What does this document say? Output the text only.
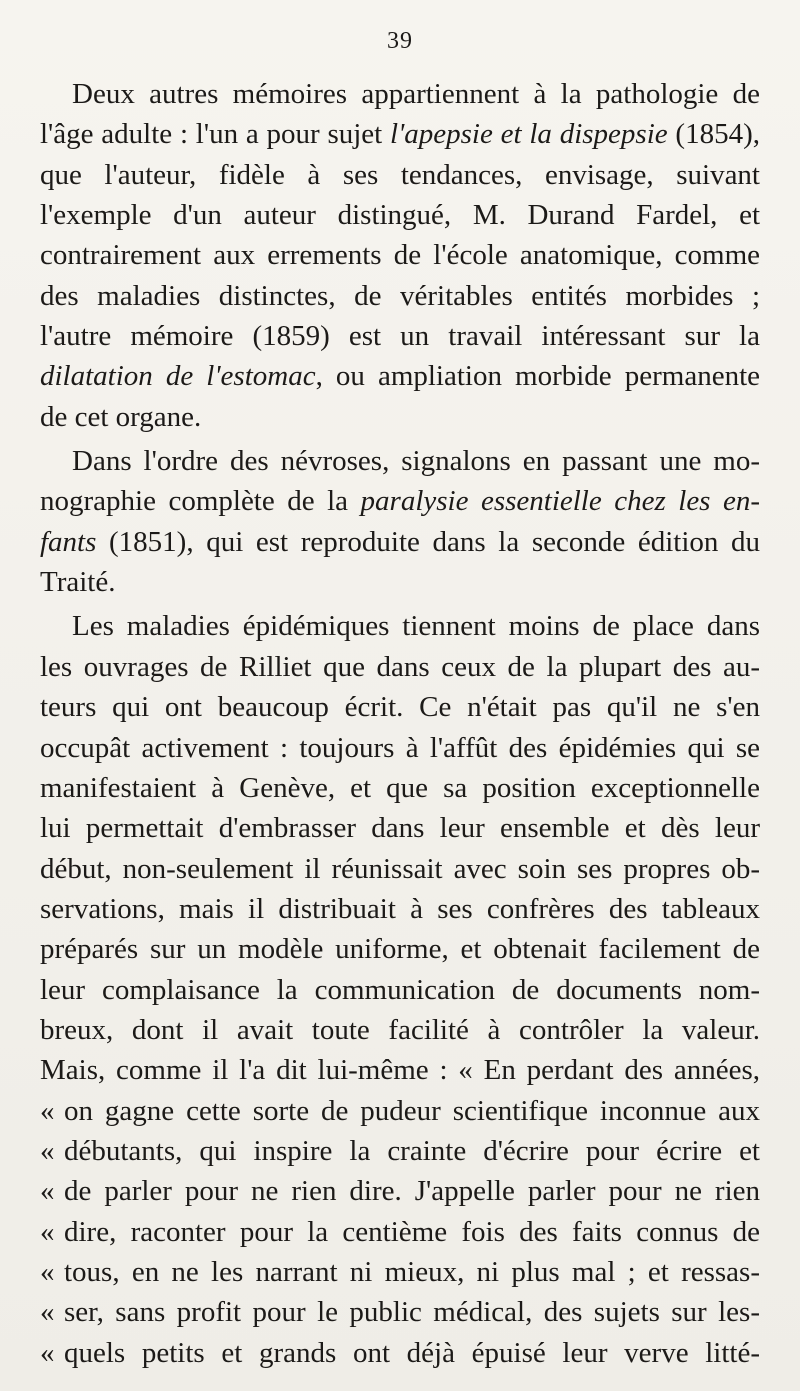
39
Deux autres mémoires appartiennent à la pathologie de
l'âge adulte : l'un a pour sujet l'apepsie et la dispepsie (1854),
que l'auteur, fidèle à ses tendances, envisage, suivant
l'exemple d'un auteur distingué, M. Durand Fardel, et
contrairement aux errements de l'école anatomique, comme
des maladies distinctes, de véritables entités morbides ;
l'autre mémoire (1859) est un travail intéressant sur la
dilatation de l'estomac, ou ampliation morbide permanente
de cet organe.
Dans l'ordre des névroses, signalons en passant une mo-
nographie complète de la paralysie essentielle chez les en-
fants (1851), qui est reproduite dans la seconde édition du
Traité.
Les maladies épidémiques tiennent moins de place dans
les ouvrages de Rilliet que dans ceux de la plupart des au-
teurs qui ont beaucoup écrit. Ce n'était pas qu'il ne s'en
occupât activement : toujours à l'affût des épidémies qui se
manifestaient à Genève, et que sa position exceptionnelle
lui permettait d'embrasser dans leur ensemble et dès leur
début, non-seulement il réunissait avec soin ses propres ob-
servations, mais il distribuait à ses confrères des tableaux
préparés sur un modèle uniforme, et obtenait facilement de
leur complaisance la communication de documents nom-
breux, dont il avait toute facilité à contrôler la valeur.
Mais, comme il l'a dit lui-même : « En perdant des années,
« on gagne cette sorte de pudeur scientifique inconnue aux
« débutants, qui inspire la crainte d'écrire pour écrire et
« de parler pour ne rien dire. J'appelle parler pour ne rien
« dire, raconter pour la centième fois des faits connus de
« tous, en ne les narrant ni mieux, ni plus mal ; et ressas-
« ser, sans profit pour le public médical, des sujets sur les-
« quels petits et grands ont déjà épuisé leur verve litté-
